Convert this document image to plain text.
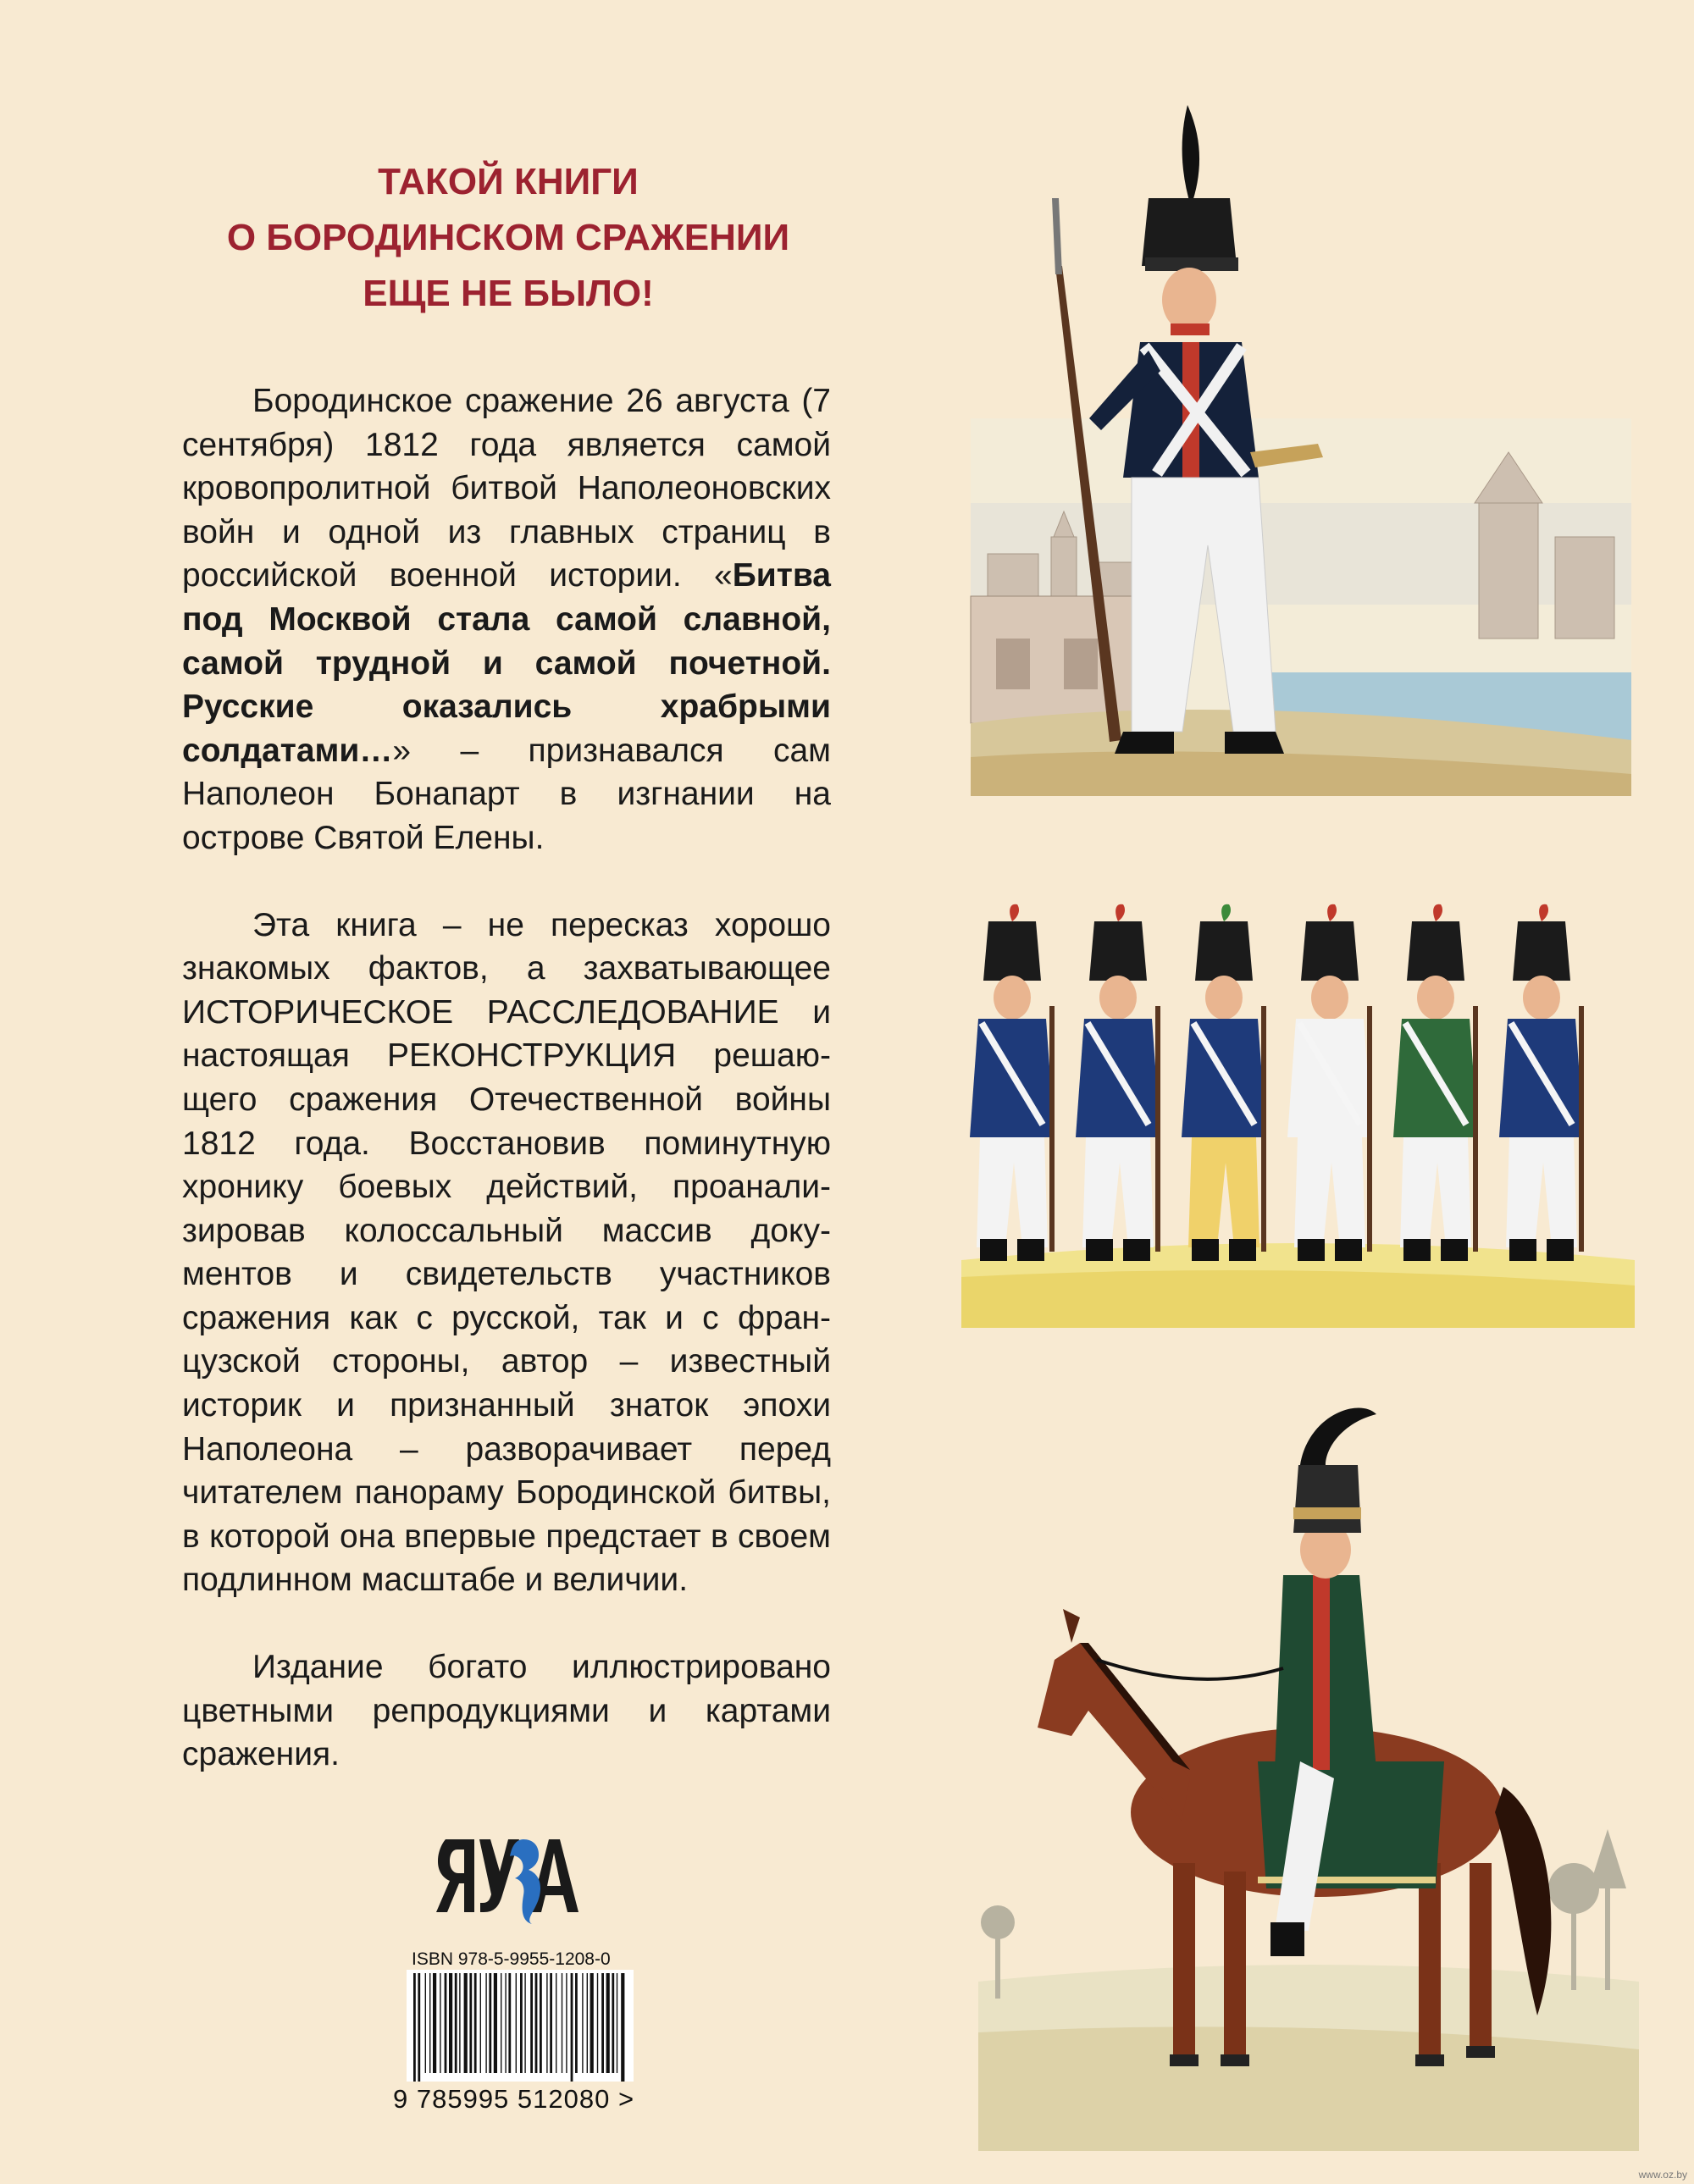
ТАКОЙ КНИГИ
О БОРОДИНСКОМ СРАЖЕНИИ
ЕЩЕ НЕ БЫЛО!

Бородинское сражение 26 августа (7 сентября) 1812 года является самой кровопролитной битвой Наполеоновских войн и одной из главных страниц в российской военной истории. «Битва под Москвой стала самой славной, самой трудной и самой почетной. Русские оказались храбрыми солдатами…» – признавался сам Наполеон Бонапарт в изгнании на острове Святой Елены.

Эта книга – не пересказ хорошо знакомых фактов, а захватывающее ИСТОРИЧЕСКОЕ РАССЛЕДОВАНИЕ и настоящая РЕКОНСТРУКЦИЯ решающего сражения Отечественной войны 1812 года. Восстановив поминутную хронику боевых действий, проанализировав колоссальный массив документов и свидетельств участников сражения как с русской, так и с французской стороны, автор – известный историк и признанный знаток эпохи Наполеона – разворачивает перед читателем панораму Бородинской битвы, в которой она впервые предстает в своем подлинном масштабе и величии.

Издание богато иллюстрировано цветными репродукциями и картами сражения.

ЯУЗА
ISBN 978-5-9955-1208-0
9 785995 512080 >
www.oz.by
